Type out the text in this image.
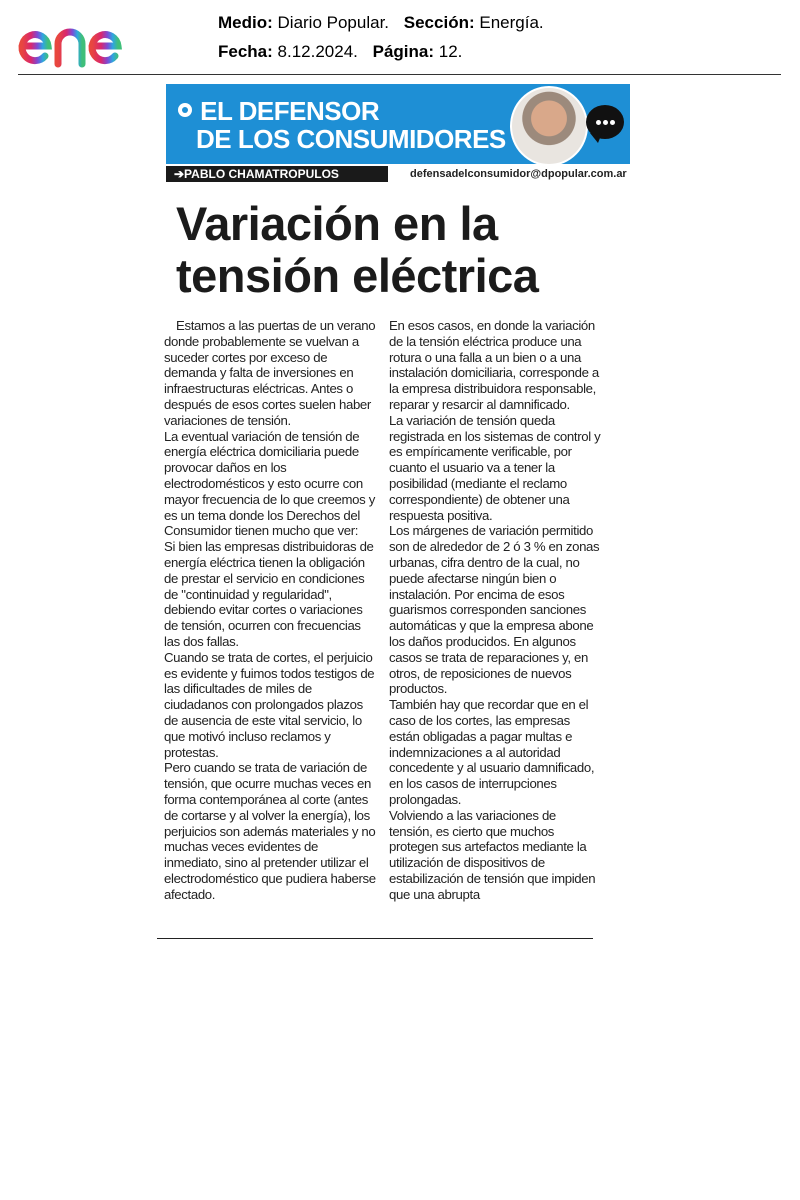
Medio: Diario Popular. Sección: Energía.
Fecha: 8.12.2024. Página: 12.
EL DEFENSOR
DE LOS CONSUMIDORES
➔PABLO CHAMATROPULOS	defensadelconsumidor@dpopular.com.ar
Variación en la tensión eléctrica

Estamos a las puertas de un verano donde probablemente se vuelvan a suceder cortes por exceso de demanda y falta de inversiones en infraestructuras eléctricas. Antes o después de esos cortes suelen haber variaciones de tensión.

La eventual variación de tensión de energía eléctrica domiciliaria puede provocar daños en los electrodomésticos y esto ocurre con mayor frecuencia de lo que creemos y es un tema donde los Derechos del Consumidor tienen mucho que ver:

Si bien las empresas distribuidoras de energía eléctrica tienen la obligación de prestar el servicio en condiciones de "continuidad y regularidad", debiendo evitar cortes o variaciones de tensión, ocurren con frecuencias las dos fallas.

Cuando se trata de cortes, el perjuicio es evidente y fuimos todos testigos de las dificultades de miles de ciudadanos con prolongados plazos de ausencia de este vital servicio, lo que motivó incluso reclamos y protestas.

Pero cuando se trata de variación de tensión, que ocurre muchas veces en forma contemporánea al corte (antes de cortarse y al volver la energía), los perjuicios son además materiales y no muchas veces evidentes de inmediato, sino al pretender utilizar el electrodoméstico que pudiera haberse afectado.

En esos casos, en donde la variación de la tensión eléctrica produce una rotura o una falla a un bien o a una instalación domiciliaria, corresponde a la empresa distribuidora responsable, reparar y resarcir al damnificado.

La variación de tensión queda registrada en los sistemas de control y es empíricamente verificable, por cuanto el usuario va a tener la posibilidad (mediante el reclamo correspondiente) de obtener una respuesta positiva.

Los márgenes de variación permitido son de alrededor de 2 ó 3 % en zonas urbanas, cifra dentro de la cual, no puede afectarse ningún bien o instalación. Por encima de esos guarismos corresponden sanciones automáticas y que la empresa abone los daños producidos. En algunos casos se trata de reparaciones y, en otros, de reposiciones de nuevos productos.

También hay que recordar que en el caso de los cortes, las empresas están obligadas a pagar multas e indemnizaciones a al autoridad concedente y al usuario damnificado, en los casos de interrupciones prolongadas.

Volviendo a las variaciones de tensión, es cierto que muchos protegen sus artefactos mediante la utilización de dispositivos de estabilización de tensión que impiden que una abrupta
